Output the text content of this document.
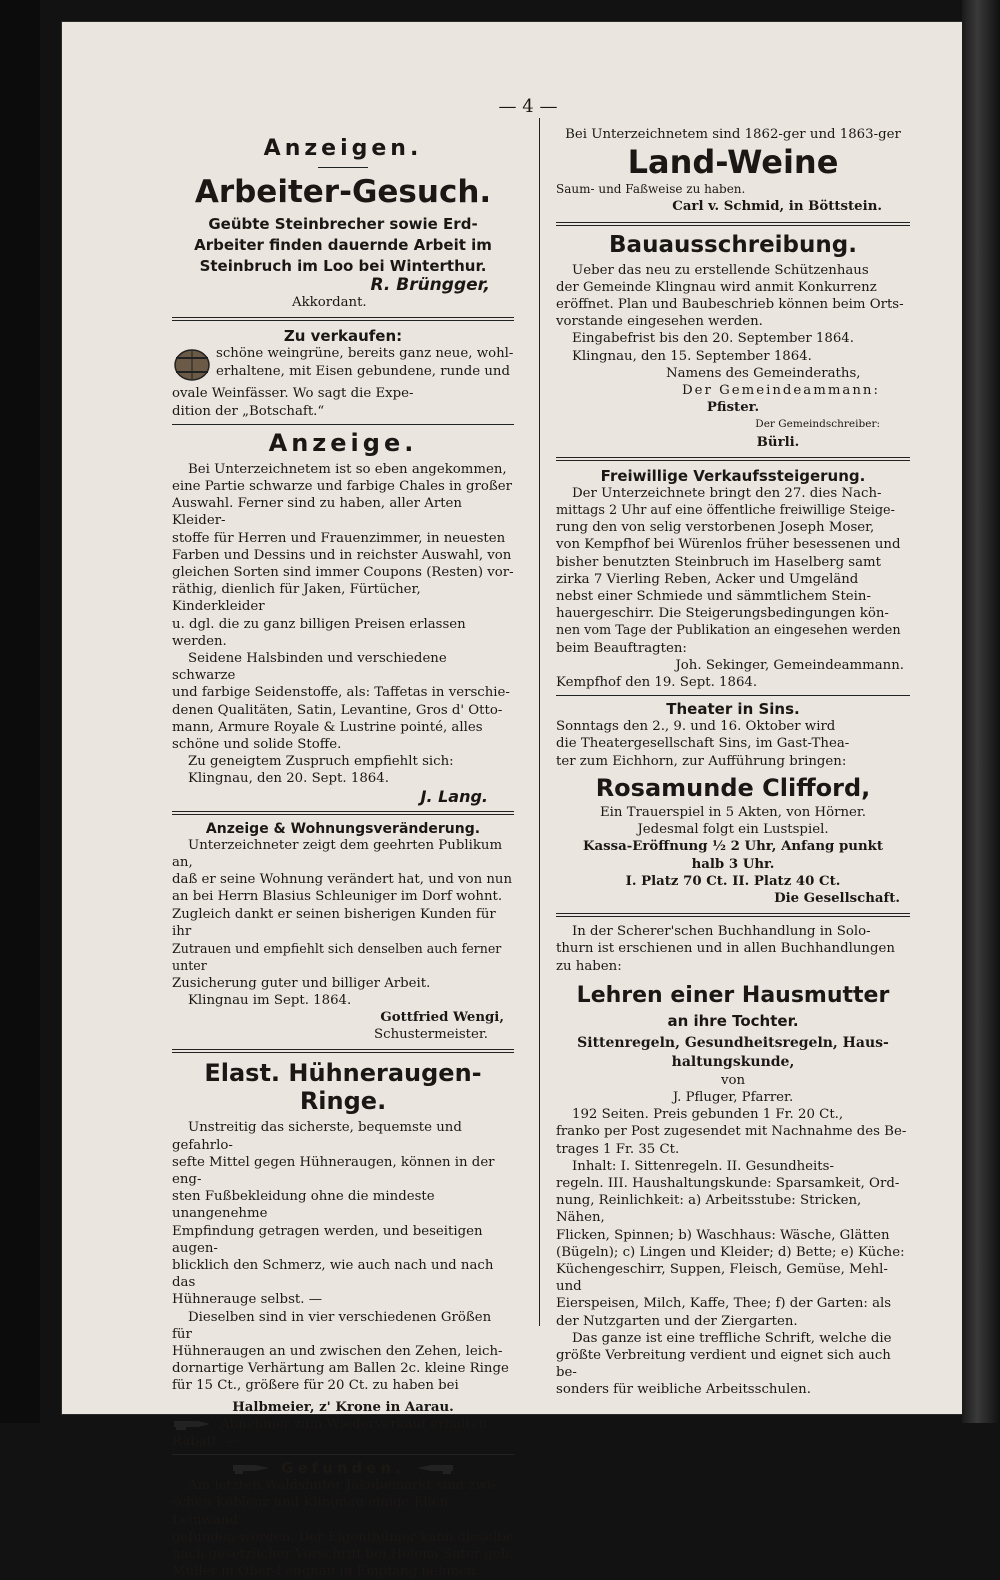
— 4 —
Anzeigen.
Arbeiter-Gesuch.

Geübte Steinbrecher sowie Erd-

Arbeiter finden dauernde Arbeit im

Steinbruch im Loo bei Winterthur.

R. Brüngger,

Akkordant.

Zu verkaufen:

schöne weingrüne, bereits ganz neue, wohl-

erhaltene, mit Eisen gebundene, runde und

ovale Weinfässer. Wo sagt die Expe-

dition der „Botschaft.“

Anzeige.

Bei Unterzeichnetem ist so eben angekommen,

eine Partie schwarze und farbige Chales in großer

Auswahl. Ferner sind zu haben, aller Arten Kleider-

stoffe für Herren und Frauenzimmer, in neuesten

Farben und Dessins und in reichster Auswahl, von

gleichen Sorten sind immer Coupons (Resten) vor-

räthig, dienlich für Jaken, Fürtücher, Kinderkleider

u. dgl. die zu ganz billigen Preisen erlassen werden.

Seidene Halsbinden und verschiedene schwarze

und farbige Seidenstoffe, als: Taffetas in verschie-

denen Qualitäten, Satin, Levantine, Gros d' Otto-

mann, Armure Royale & Lustrine pointé, alles

schöne und solide Stoffe.

Zu geneigtem Zuspruch empfiehlt sich:

Klingnau, den 20. Sept. 1864.

J. Lang.

Anzeige & Wohnungsveränderung.

Unterzeichneter zeigt dem geehrten Publikum an,

daß er seine Wohnung verändert hat, und von nun

an bei Herrn Blasius Schleuniger im Dorf wohnt.

Zugleich dankt er seinen bisherigen Kunden für ihr

Zutrauen und empfiehlt sich denselben auch ferner unter

Zusicherung guter und billiger Arbeit.

Klingnau im Sept. 1864.

Gottfried Wengi,

Schustermeister.

Elast. Hühneraugen-Ringe.

Unstreitig das sicherste, bequemste und gefahrlo-

sefte Mittel gegen Hühneraugen, können in der eng-

sten Fußbekleidung ohne die mindeste unangenehme

Empfindung getragen werden, und beseitigen augen-

blicklich den Schmerz, wie auch nach und nach das

Hühnerauge selbst. —

Dieselben sind in vier verschiedenen Größen für

Hühneraugen an und zwischen den Zehen, leich-

dornartige Verhärtung am Ballen 2c. kleine Ringe

für 15 Ct., größere für 20 Ct. zu haben bei

Halbmeier, z' Krone in Aarau.

Abnehmer zum Wiederverkauf erhalten

Rabatt. —

Gefunden.

Am letzten Waldshuter Jakobemarkt sind zwi-

schen Koblenz und Klingnau einige Ellen Leinwand

gefunden worden. Der Eigenthümer kann dieselbe

nach gesetzlicher Vorschrift bei Helena Suter geb.

Müller in Ober-Lengnau in Empfang nehmen.

Bei Unterzeichnetem sind 1862-ger und 1863-ger

Land-Weine

Saum- und Faßweise zu haben.

Carl v. Schmid, in Böttstein.

Bauausschreibung.

Ueber das neu zu erstellende Schützenhaus

der Gemeinde Klingnau wird anmit Konkurrenz

eröffnet. Plan und Baubeschrieb können beim Orts-

vorstande eingesehen werden.

Eingabefrist bis den 20. September 1864.

Klingnau, den 15. September 1864.

Namens des Gemeinderaths,

Der Gemeindeammann:

Pfister.

Der Gemeindschreiber:

Bürli.

Freiwillige Verkaufssteigerung.

Der Unterzeichnete bringt den 27. dies Nach-

mittags 2 Uhr auf eine öffentliche freiwillige Steige-

rung den von selig verstorbenen Joseph Moser,

von Kempfhof bei Würenlos früher besessenen und

bisher benutzten Steinbruch im Haselberg samt

zirka 7 Vierling Reben, Acker und Umgeländ

nebst einer Schmiede und sämmtlichem Stein-

hauergeschirr. Die Steigerungsbedingungen kön-

nen vom Tage der Publikation an eingesehen werden

beim Beauftragten:

Joh. Sekinger, Gemeindeammann.

Kempfhof den 19. Sept. 1864.

Theater in Sins.

Sonntags den 2., 9. und 16. Oktober wird

die Theatergesellschaft Sins, im Gast-Thea-

ter zum Eichhorn, zur Aufführung bringen:

Rosamunde Clifford,

Ein Trauerspiel in 5 Akten, von Hörner.

Jedesmal folgt ein Lustspiel.

Kassa-Eröffnung ½ 2 Uhr, Anfang punkt

halb 3 Uhr.

I. Platz 70 Ct. II. Platz 40 Ct.

Die Gesellschaft.

In der Scherer'schen Buchhandlung in Solo-

thurn ist erschienen und in allen Buchhandlungen

zu haben:

Lehren einer Hausmutter
an ihre Tochter.

Sittenregeln, Gesundheitsregeln, Haus-

haltungskunde,

von

J. Pfluger, Pfarrer.

192 Seiten. Preis gebunden 1 Fr. 20 Ct.,

franko per Post zugesendet mit Nachnahme des Be-

trages 1 Fr. 35 Ct.

Inhalt: I. Sittenregeln. II. Gesundheits-

regeln. III. Haushaltungskunde: Sparsamkeit, Ord-

nung, Reinlichkeit: a) Arbeitsstube: Stricken, Nähen,

Flicken, Spinnen; b) Waschhaus: Wäsche, Glätten

(Bügeln); c) Lingen und Kleider; d) Bette; e) Küche:

Küchengeschirr, Suppen, Fleisch, Gemüse, Mehl- und

Eierspeisen, Milch, Kaffe, Thee; f) der Garten: als

der Nutzgarten und der Ziergarten.

Das ganze ist eine treffliche Schrift, welche die

größte Verbreitung verdient und eignet sich auch be-

sonders für weibliche Arbeitsschulen.
